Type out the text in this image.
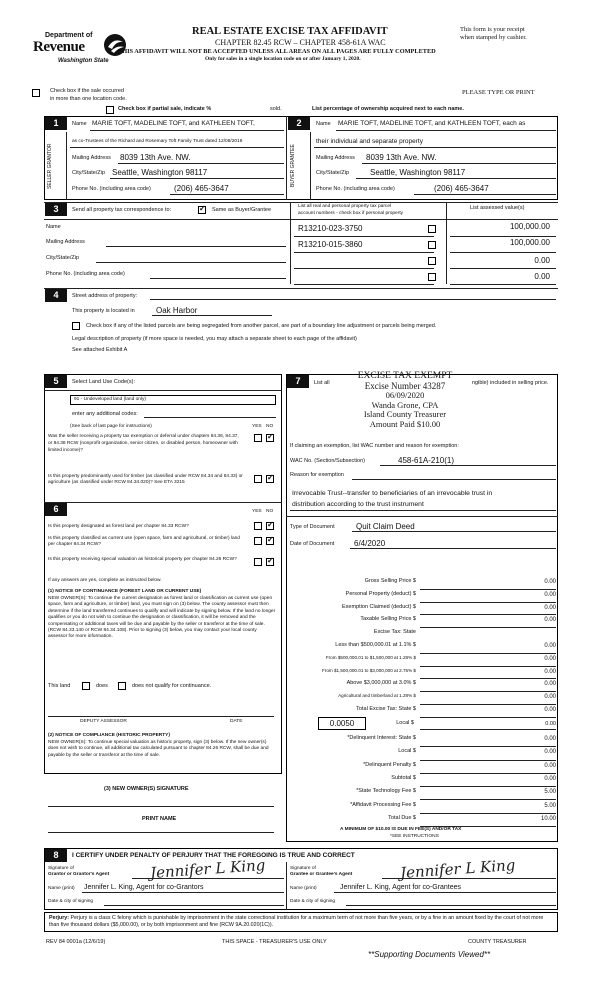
Department of
Revenue
Washington State
REAL ESTATE EXCISE TAX AFFIDAVIT
CHAPTER 82.45 RCW – CHAPTER 458-61A WAC
THIS AFFIDAVIT WILL NOT BE ACCEPTED UNLESS ALL AREAS ON ALL PAGES ARE FULLY COMPLETED
Only for sales in a single location code on or after January 1, 2020.
This form is your receipt
when stamped by cashier.
PLEASE TYPE OR PRINT
Check box if the sale occurred
in more than one location code.
Check box if partial sale, indicate %	sold.	List percentage of ownership acquired next to each name.
1	2
SELLER GRANTOR
Name MARIE TOFT, MADELINE TOFT, and KATHLEEN TOFT,
as co-Trustees of the Richard and Rosemary Toft Family Trust dated 12/08/2018
Mailing Address 8039 13th Ave. NW.
City/State/Zip Seattle, Washington 98117
Phone No. (including area code)	(206) 465-3647
BUYER GRANTEE
Name MARIE TOFT, MADELINE TOFT, and KATHLEEN TOFT, each as
their individual and separate property
Mailing Address 8039 13th Ave. NW.
City/State/Zip	Seattle, Washington 98117
Phone No. (including area code)	(206) 465-3647
3	Send all property tax correspondence to:
✓	Same as Buyer/Grantee
List all real and personal property tax parcel
account numbers - check box if personal property
List assessed value(s)
Name
Mailing Address
City/State/Zip
Phone No. (including area code)
R13210-023-3750	100,000.00
R13210-015-3860	100,000.00
0.00
0.00
4	Street address of property:
This property is located in	Oak Harbor
Check box if any of the listed parcels are being segregated from another parcel, are part of a boundary line adjustment or parcels being merged.
Legal description of property (if more space is needed, you may attach a separate sheet to each page of the affidavit)
See attached Exhibit A
5	Select Land Use Code(s):
91 - Undeveloped land (land only)
enter any additional codes:
(See back of last page for instructions)	YES NO
Was the seller receiving a property tax exemption or deferral under chapters 84.36, 84.37, or 84.38 RCW (nonprofit organization, senior citizen, or disabled person, homeowner with limited income)?
✓
Is this property predominantly used for timber (as classified under RCW 84.34 and 84.33) or agriculture (as classified under RCW 84.34.020)? See ETA 3215
✓
6	YES NO
Is this property designated as forest land per chapter 84.33 RCW?
✓
Is this property classified as current use (open space, farm and agricultural, or timber) land per chapter 84.34 RCW?
✓
Is this property receiving special valuation as historical property per chapter 84.26 RCW?
✓
If any answers are yes, complete as instructed below.
(1) NOTICE OF CONTINUANCE (FOREST LAND OR CURRENT USE)
NEW OWNER(S): To continue the current designation as forest land or classification as current use (open space, farm and agriculture, or timber) land, you must sign on (3) below. The county assessor must then determine if the land transferred continues to qualify and will indicate by signing below. If the land no longer qualifies or you do not wish to continue the designation or classification, it will be removed and the compensating or additional taxes will be due and payable by the seller or transferor at the time of sale. (RCW 84.33.140 or RCW 84.34.108). Prior to signing (3) below, you may contact your local county assessor for more information.
This land	does	does not qualify for continuance.
DEPUTY ASSESSOR	DATE
(2) NOTICE OF COMPLIANCE (HISTORIC PROPERTY)
NEW OWNER(S): To continue special valuation as historic property, sign (3) below. If the new owner(s) does not wish to continue, all additional tax calculated pursuant to chapter 84.26 RCW, shall be due and payable by the seller or transferor at the time of sale.
(3) NEW OWNER(S) SIGNATURE
PRINT NAME
7	List all
EXCISE TAX EXEMPT
Excise Number 43287
06/09/2020
Wanda Grone, CPA
Island County Treasurer
Amount Paid $10.00
ngible) included in selling price.
If claiming an exemption, list WAC number and reason for exemption:
WAC No. (Section/Subsection)	458-61A-210(1)
Reason for exemption
Irrevocable Trust--transfer to beneficiaries of an irrevocable trust in
distribution according to the trust instrument
Type of Document	Quit Claim Deed
Date of Document 6/4/2020
Gross Selling Price $	0.00
Personal Property (deduct) $	0.00
Exemption Claimed (deduct) $	0.00
Taxable Selling Price $	0.00
Excise Tax: State
Less than $500,000.01 at 1.1% $	0.00
From $500,000.01 to $1,500,000 at 1.28% $	0.00
From $1,500,000.01 to $3,000,000 at 2.75% $	0.00
Above $3,000,000 at 3.0% $	0.00
Agricultural and timberland at 1.28% $	0.00
Total Excise Tax: State $	0.00
0.0050	Local $	0.00
*Delinquent Interest: State $	0.00
Local $	0.00
*Delinquent Penalty $	0.00
Subtotal $	0.00
*State Technology Fee $	5.00
*Affidavit Processing Fee $	5.00
Total Due $	10.00
A MINIMUM OF $10.00 IS DUE IN FEE(S) AND/OR TAX
*SEE INSTRUCTIONS
8	I CERTIFY UNDER PENALTY OF PERJURY THAT THE FOREGOING IS TRUE AND CORRECT
Signature of
Grantor or Grantor's Agent	Jennifer L King
Name (print) Jennifer L. King, Agent for co-Grantors
Date & city of signing
Signature of
Grantee or Grantee's Agent	Jennifer L King
Name (print)	Jennifer L. King, Agent for co-Grantees
Date & city of signing
Perjury: Perjury is a class C felony which is punishable by imprisonment in the state correctional institution for a maximum term of not more than five years, or by a fine in an amount fixed by the court of not more than five thousand dollars ($5,000.00), or by both imprisonment and fine (RCW 9A.20.020(1C)).
REV 84 0001a (12/6/19)	THIS SPACE - TREASURER'S USE ONLY	COUNTY TREASURER
**Supporting Documents Viewed**
